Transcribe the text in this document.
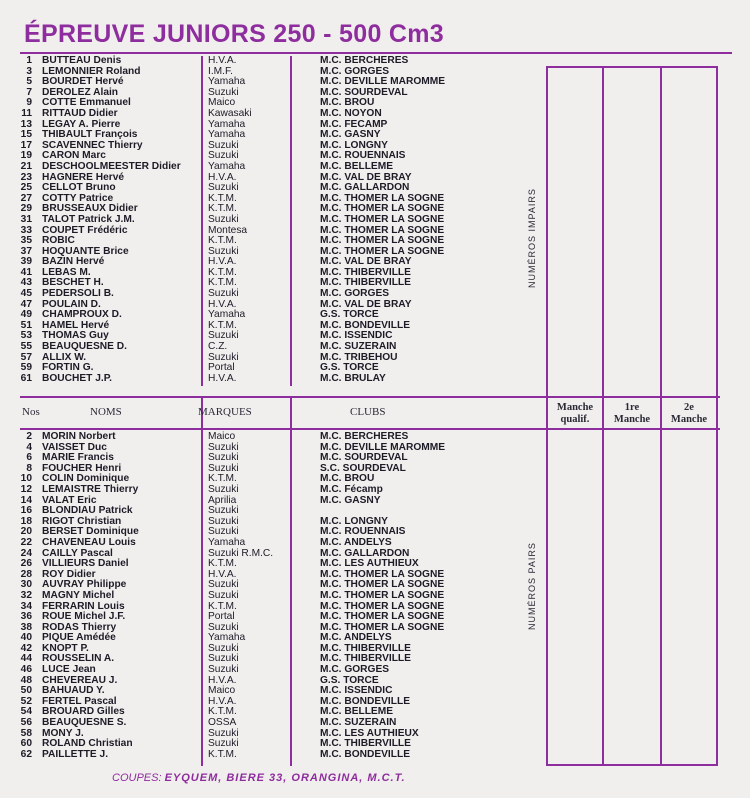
ÉPREUVE JUNIORS 250 - 500 Cm3
Nos	NOMS	MARQUES	CLUBS	Manche
qualif.
1re
Manche
2e
Manche
NUMÉROS IMPAIRS
NUMÉROS PAIRS
1 BUTTEAU Denis	H.V.A.	M.C. BERCHERES
3 LEMONNIER Roland	I.M.F.	M.C. GORGES
5 BOURDET Hervé	Yamaha	M.C. DEVILLE MAROMME
7 DEROLEZ Alain	Suzuki	M.C. SOURDEVAL
9 COTTE Emmanuel	Maico	M.C. BROU
11 RITTAUD Didier	Kawasaki	M.C. NOYON
13 LEGAY A. Pierre	Yamaha	M.C. FECAMP
15 THIBAULT François	Yamaha	M.C. GASNY
17 SCAVENNEC Thierry	Suzuki	M.C. LONGNY
19 CARON Marc	Suzuki	M.C. ROUENNAIS
21 DESCHOOLMEESTER Didier	Yamaha	M.C. BELLEME
23 HAGNERE Hervé	H.V.A.	M.C. VAL DE BRAY
25 CELLOT Bruno	Suzuki	M.C. GALLARDON
27 COTTY Patrice	K.T.M.	M.C. THOMER LA SOGNE
29 BRUSSEAUX Didier	K.T.M.	M.C. THOMER LA SOGNE
31 TALOT Patrick J.M.	Suzuki	M.C. THOMER LA SOGNE
33 COUPET Frédéric	Montesa	M.C. THOMER LA SOGNE
35 ROBIC	K.T.M.	M.C. THOMER LA SOGNE
37 HOQUANTE Brice	Suzuki	M.C. THOMER LA SOGNE
39 BAZIN Hervé	H.V.A.	M.C. VAL DE BRAY
41 LEBAS M.	K.T.M.	M.C. THIBERVILLE
43 BESCHET H.	K.T.M.	M.C. THIBERVILLE
45 PEDERSOLI B.	Suzuki	M.C. GORGES
47 POULAIN D.	H.V.A.	M.C. VAL DE BRAY
49 CHAMPROUX D.	Yamaha	G.S. TORCE
51 HAMEL Hervé	K.T.M.	M.C. BONDEVILLE
53 THOMAS Guy	Suzuki	M.C. ISSENDIC
55 BEAUQUESNE D.	C.Z.	M.C. SUZERAIN
57 ALLIX W.	Suzuki	M.C. TRIBEHOU
59 FORTIN G.	Portal	G.S. TORCE
61 BOUCHET J.P.	H.V.A.	M.C. BRULAY
2 MORIN Norbert	Maico	M.C. BERCHERES
4 VAISSET Duc	Suzuki	M.C. DEVILLE MAROMME
6 MARIE Francis	Suzuki	M.C. SOURDEVAL
8 FOUCHER Henri	Suzuki	S.C. SOURDEVAL
10 COLIN Dominique	K.T.M.	M.C. BROU
12 LEMAISTRE Thierry	Suzuki	M.C. Fécamp
14 VALAT Eric	Aprilia	M.C. GASNY
16 BLONDIAU Patrick	Suzuki
18 RIGOT Christian	Suzuki	M.C. LONGNY
20 BERSET Dominique	Suzuki	M.C. ROUENNAIS
22 CHAVENEAU Louis	Yamaha	M.C. ANDELYS
24 CAILLY Pascal	Suzuki R.M.C.	M.C. GALLARDON
26 VILLIEURS Daniel	K.T.M.	M.C. LES AUTHIEUX
28 ROY Didier	H.V.A.	M.C. THOMER LA SOGNE
30 AUVRAY Philippe	Suzuki	M.C. THOMER LA SOGNE
32 MAGNY Michel	Suzuki	M.C. THOMER LA SOGNE
34 FERRARIN Louis	K.T.M.	M.C. THOMER LA SOGNE
36 ROUE Michel J.F.	Portal	M.C. THOMER LA SOGNE
38 RODAS Thierry	Suzuki	M.C. THOMER LA SOGNE
40 PIQUE Amédée	Yamaha	M.C. ANDELYS
42 KNOPT P.	Suzuki	M.C. THIBERVILLE
44 ROUSSELIN A.	Suzuki	M.C. THIBERVILLE
46 LUCE Jean	Suzuki	M.C. GORGES
48 CHEVEREAU J.	H.V.A.	G.S. TORCE
50 BAHUAUD Y.	Maico	M.C. ISSENDIC
52 FERTEL Pascal	H.V.A.	M.C. BONDEVILLE
54 BROUARD Gilles	K.T.M.	M.C. BELLEME
56 BEAUQUESNE S.	OSSA	M.C. SUZERAIN
58 MONY J.	Suzuki	M.C. LES AUTHIEUX
60 ROLAND Christian	Suzuki	M.C. THIBERVILLE
62 PAILLETTE J.	K.T.M.	M.C. BONDEVILLE
COUPES: EYQUEM, BIERE 33, ORANGINA, M.C.T.
